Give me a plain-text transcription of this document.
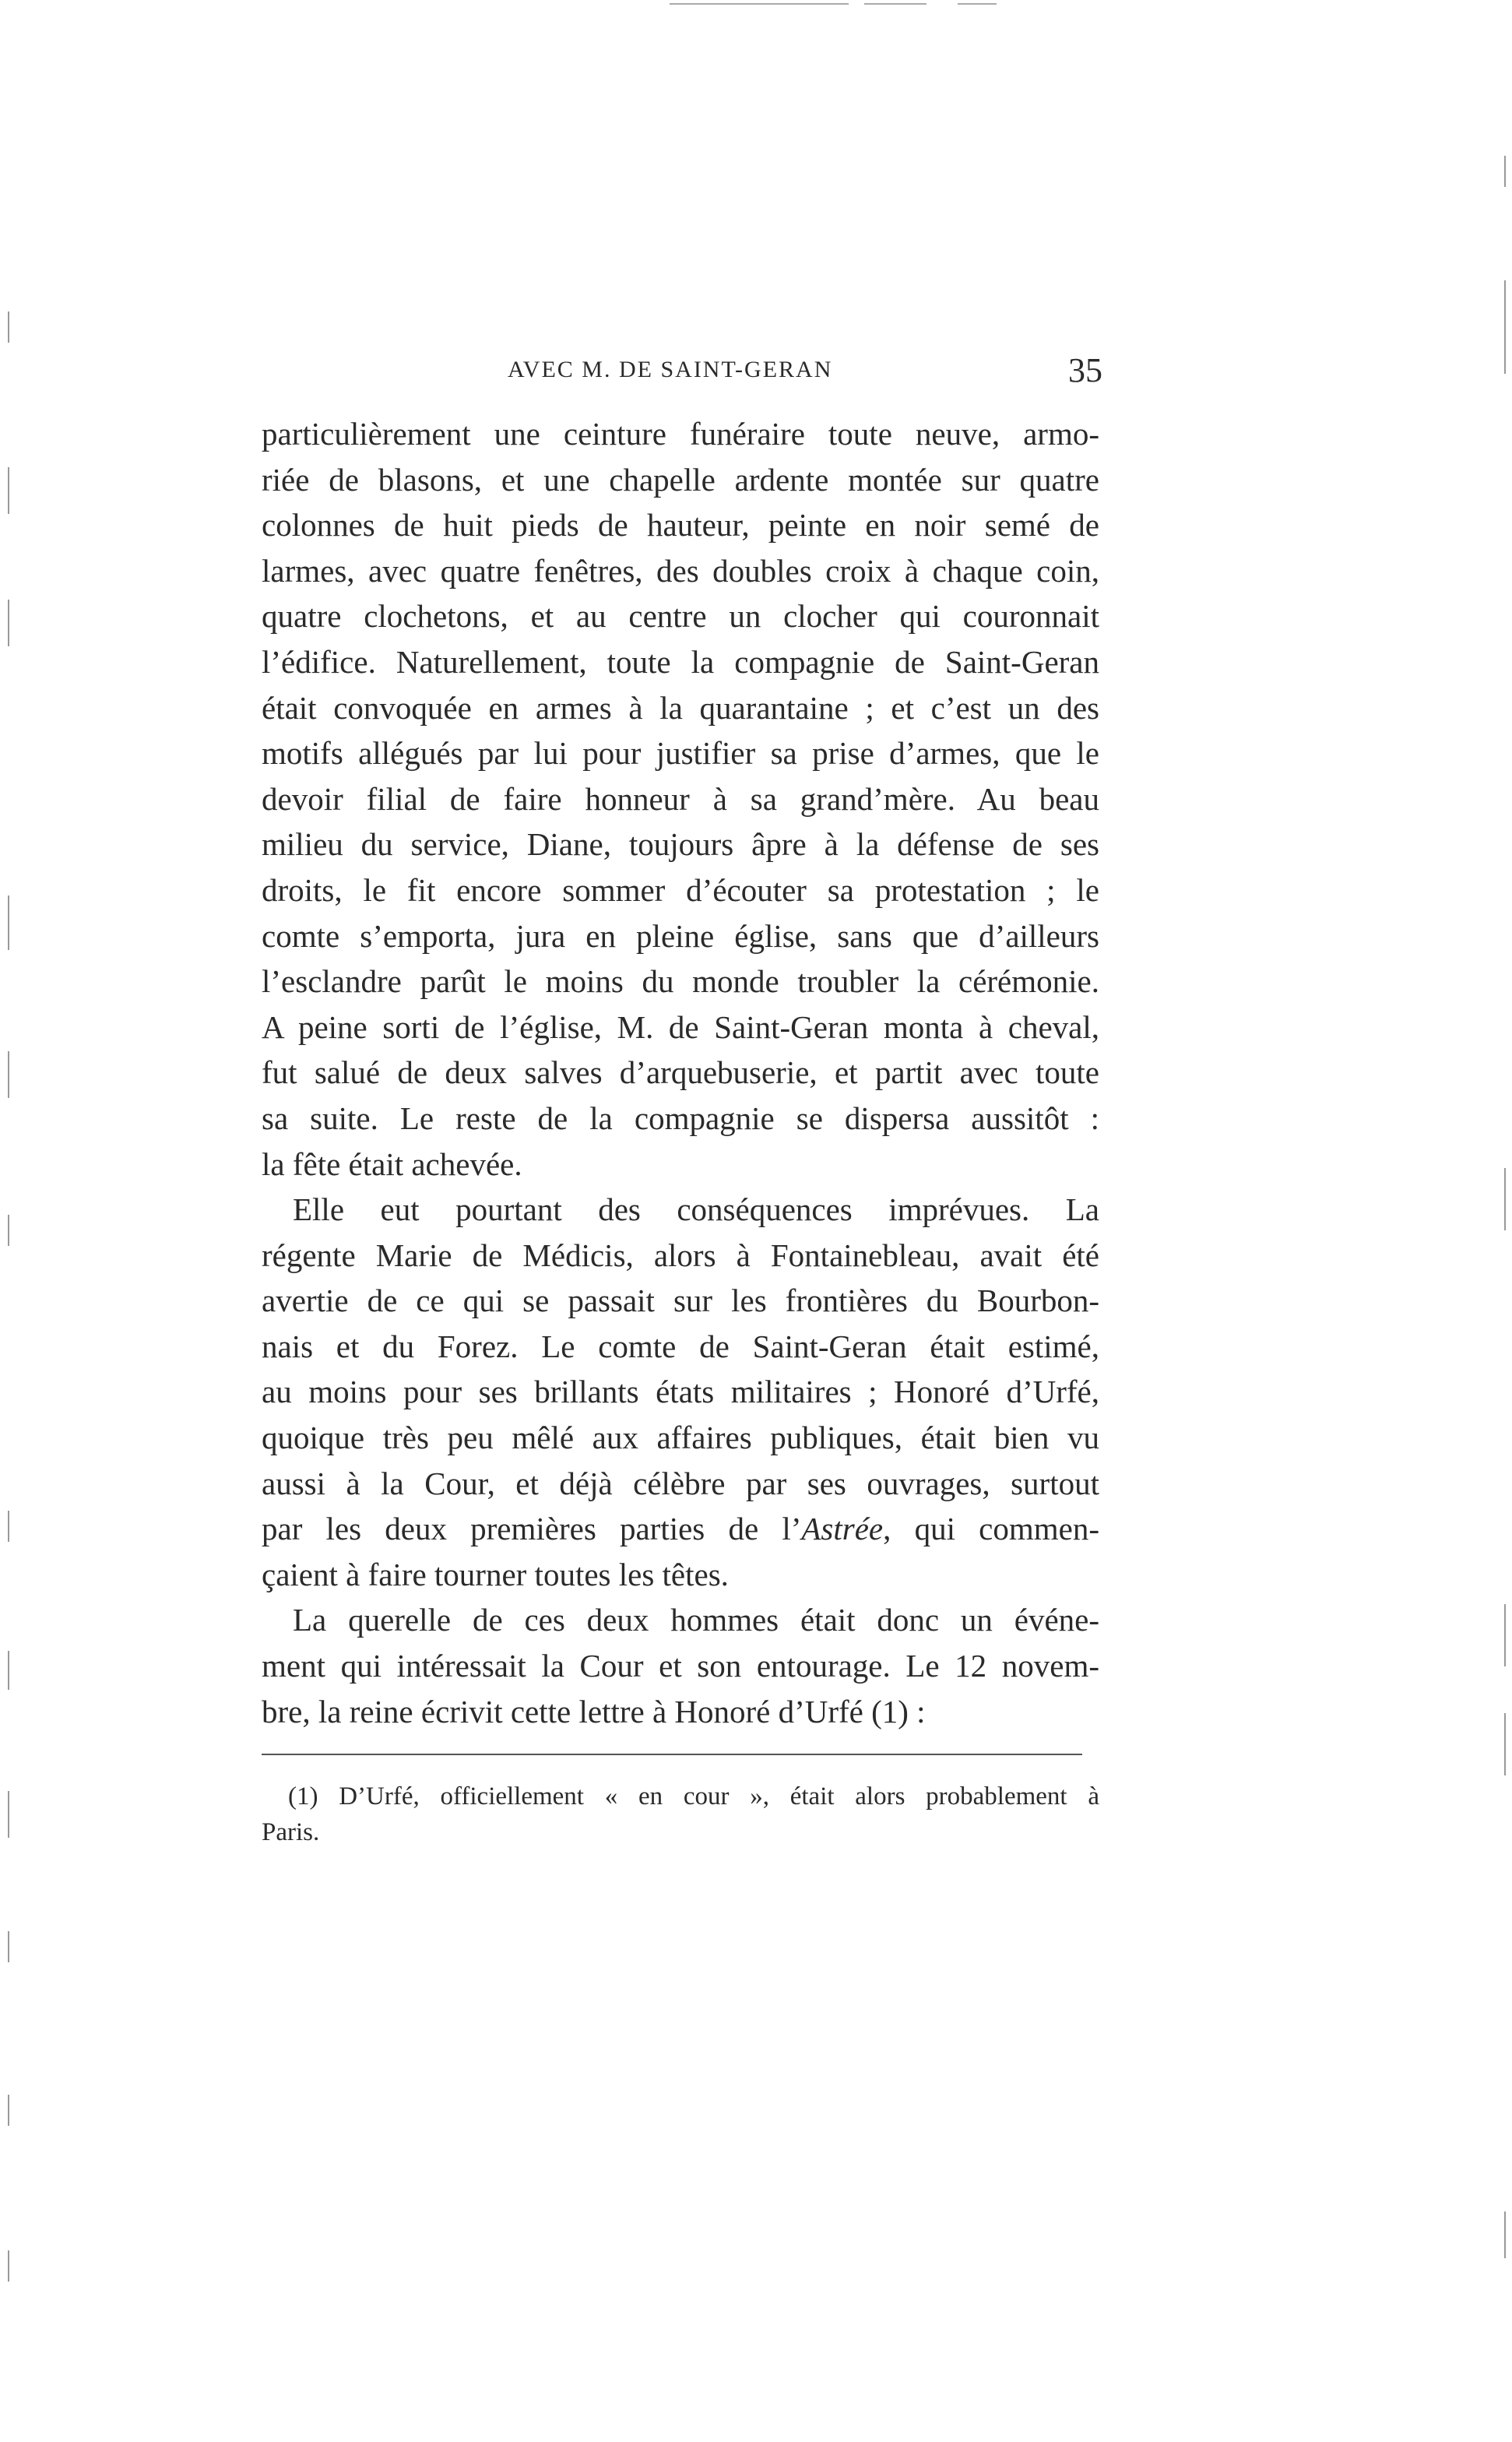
AVEC M. DE SAINT-GERAN	35
particulièrement une ceinture funéraire toute neuve, armo-
riée de blasons, et une chapelle ardente montée sur quatre
colonnes de huit pieds de hauteur, peinte en noir semé de
larmes, avec quatre fenêtres, des doubles croix à chaque coin,
quatre clochetons, et au centre un clocher qui couronnait
l’édifice. Naturellement, toute la compagnie de Saint-Geran
était convoquée en armes à la quarantaine ; et c’est un des
motifs allégués par lui pour justifier sa prise d’armes, que le
devoir filial de faire honneur à sa grand’mère. Au beau
milieu du service, Diane, toujours âpre à la défense de ses
droits, le fit encore sommer d’écouter sa protestation ; le
comte s’emporta, jura en pleine église, sans que d’ailleurs
l’esclandre parût le moins du monde troubler la cérémonie.
A peine sorti de l’église, M. de Saint-Geran monta à cheval,
fut salué de deux salves d’arquebuserie, et partit avec toute
sa suite. Le reste de la compagnie se dispersa aussitôt :
la fête était achevée.
Elle eut pourtant des conséquences imprévues. La
régente Marie de Médicis, alors à Fontainebleau, avait été
avertie de ce qui se passait sur les frontières du Bourbon-
nais et du Forez. Le comte de Saint-Geran était estimé,
au moins pour ses brillants états militaires ; Honoré d’Urfé,
quoique très peu mêlé aux affaires publiques, était bien vu
aussi à la Cour, et déjà célèbre par ses ouvrages, surtout
par les deux premières parties de l’Astrée, qui commen-
çaient à faire tourner toutes les têtes.
La querelle de ces deux hommes était donc un événe-
ment qui intéressait la Cour et son entourage. Le 12 novem-
bre, la reine écrivit cette lettre à Honoré d’Urfé (1) :
(1) D’Urfé, officiellement « en cour », était alors probablement à
Paris.
